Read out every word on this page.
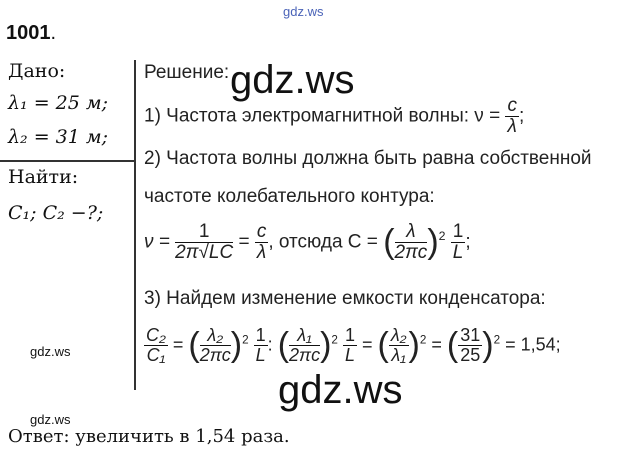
gdz.ws
1001.
Дано:
λ₁ = 25 м;
λ₂ = 31 м;
Найти:
C₁; C₂ −?;
Решение:
1) Частота электромагнитной волны: $\nu = \frac{c}{\lambda}$ ;
2) Частота волны должна быть равна собственной
частоте колебательного контура:
$\nu = \frac{1}{2\pi√LC} = \frac{c}{\lambda}$ , отсюда C = ( $\frac{\lambda}{2\pi c} )^2 \frac{1}{L}$ ;
3) Найдем изменение емкости конденсатора:
$\frac{\text{C₂}}{\text{C₁}}$ = ( $\frac{\text{λ₂}}{2\pi c} )^2 \frac{1}{L}$ : ( $\frac{\text{λ₁}}{2\pi c} )^2 \frac{1}{L}$ = ( $\frac{\text{λ₂}}{\text{λ₁}} )^2$ = ( $\frac{31}{25} )^2 = 1,54$;
gdz.ws
gdz.ws
gdz.ws
gdz.ws
Ответ: увеличить в 1,54 раза.
